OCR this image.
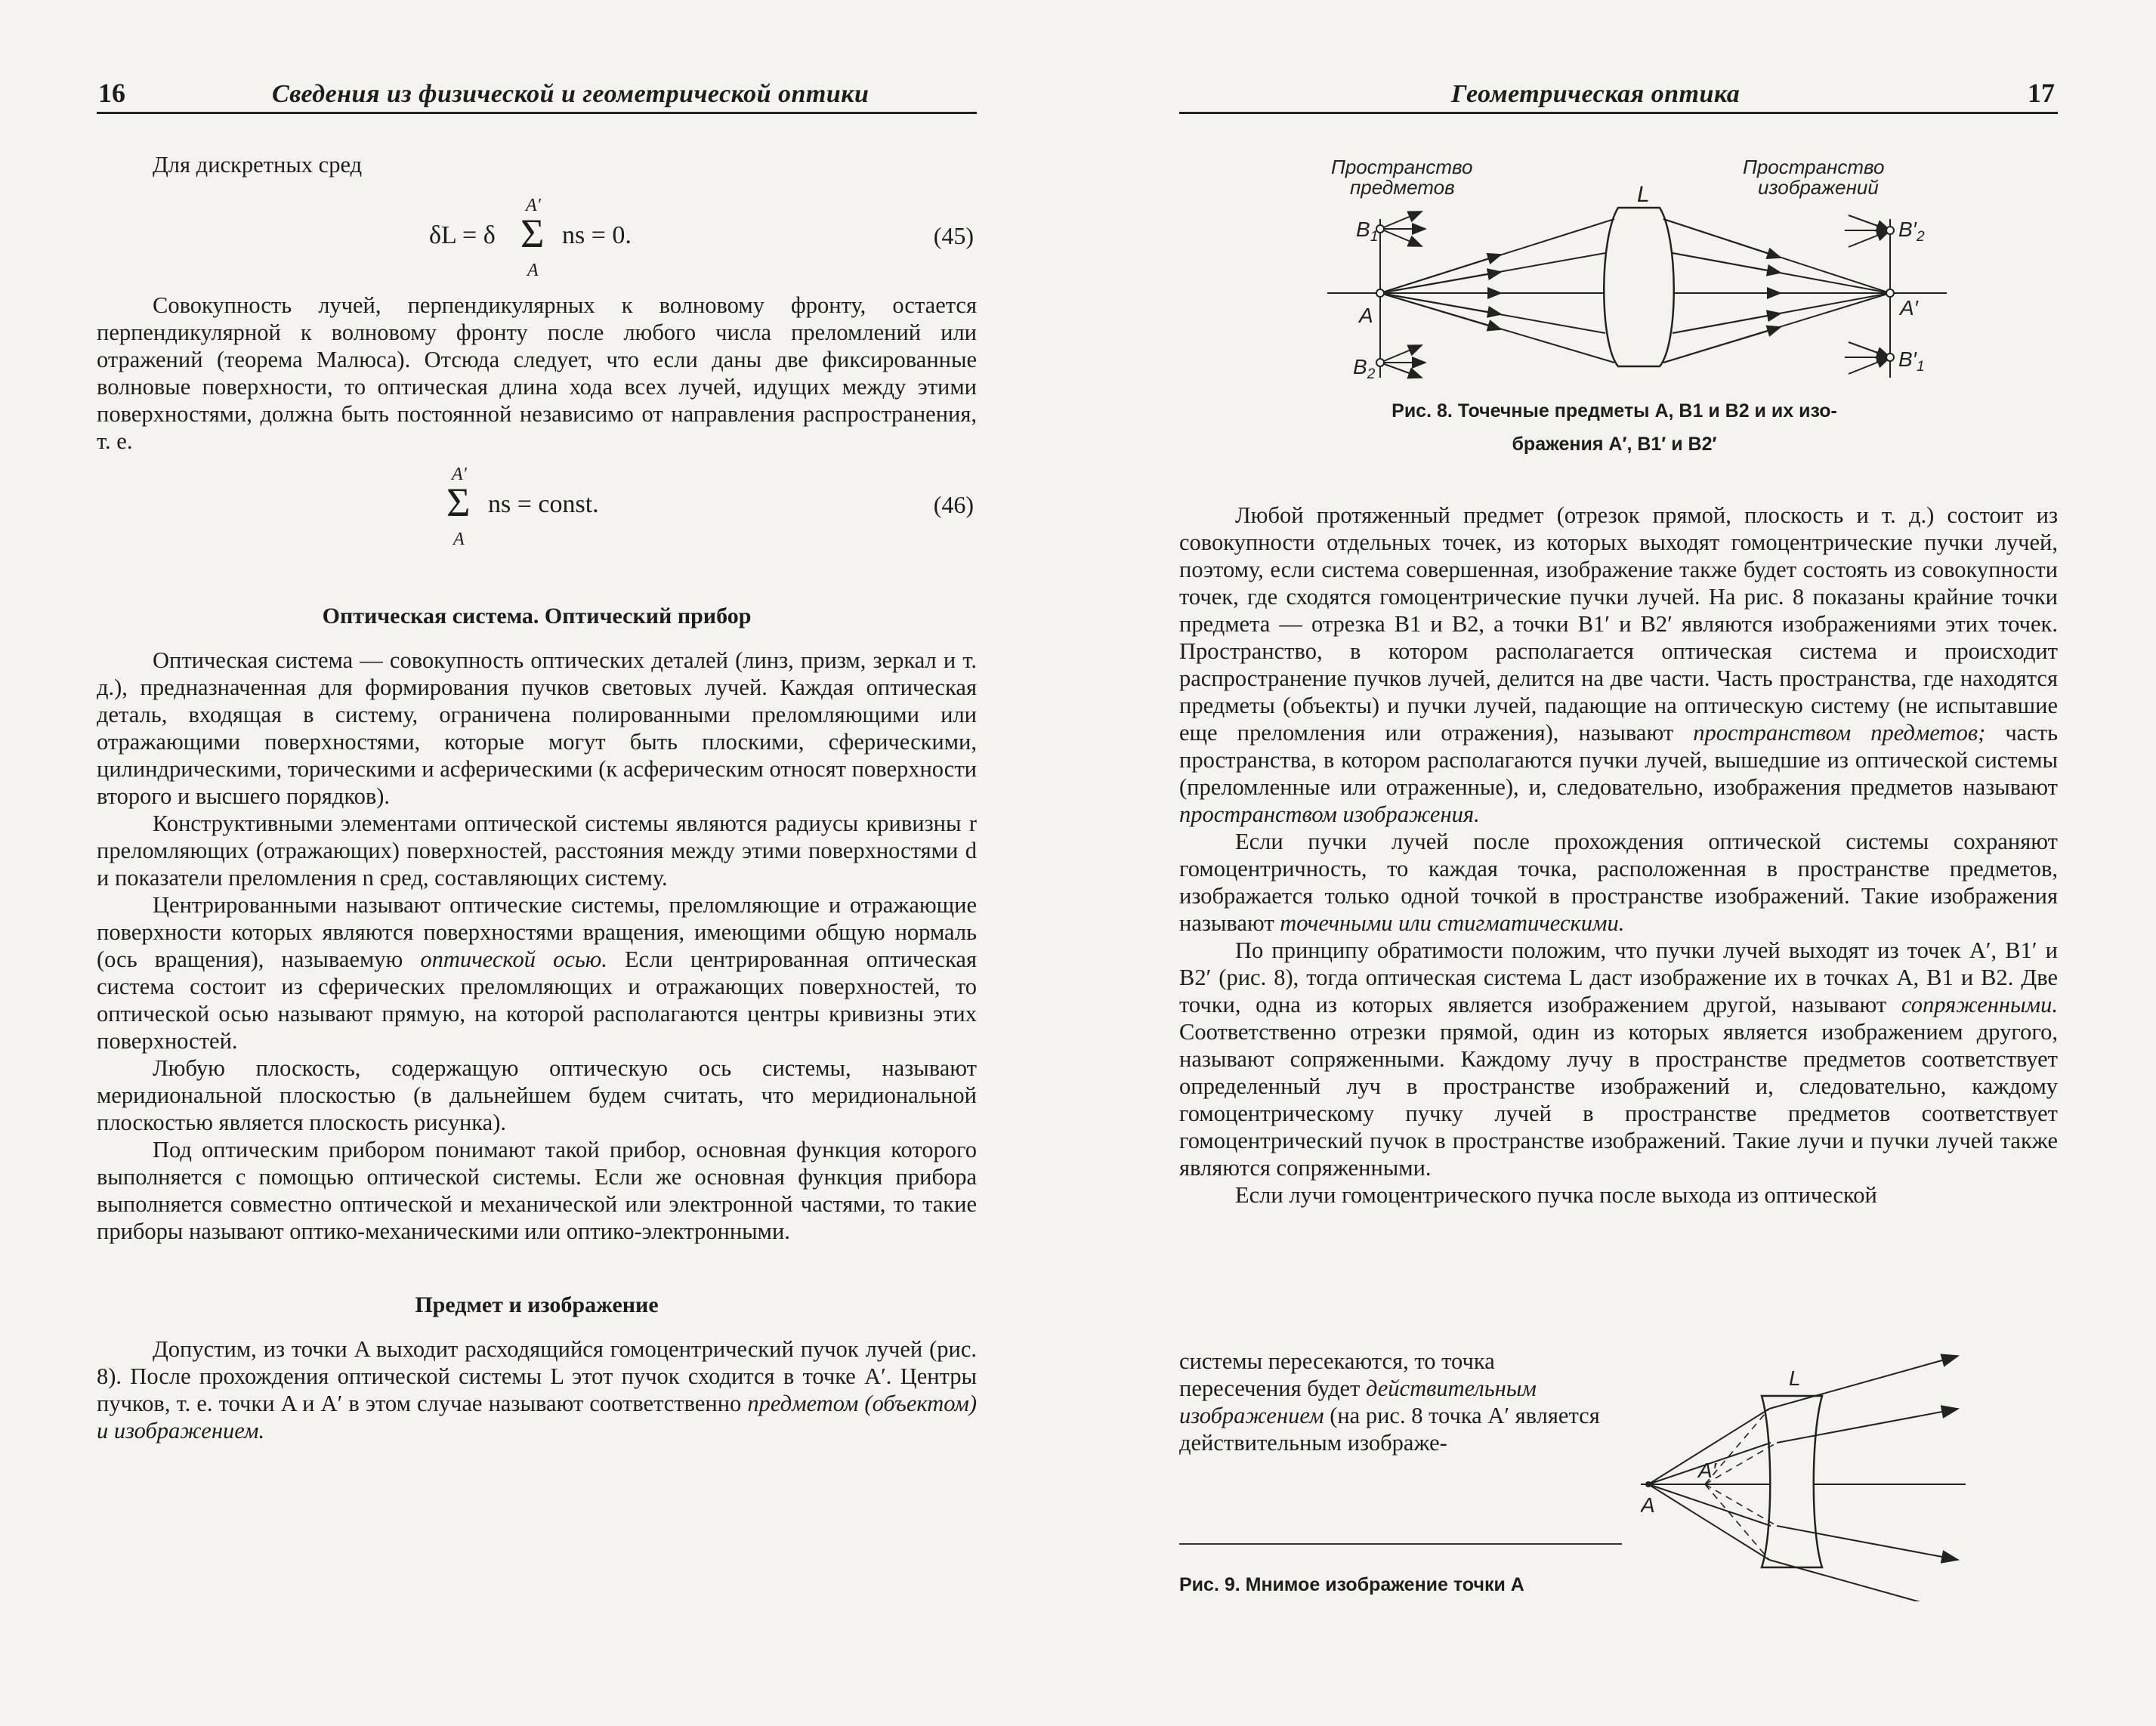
16	Сведения из физической и геометрической оптики

Для дискретных сред

δL = δ
A′
Σ
A
ns = 0.	(45)

Совокупность лучей, перпендикулярных к волновому фронту, остается перпендикулярной к волновому фронту после любого числа преломлений или отражений (теорема Малюса). Отсюда следует, что если даны две фиксированные волновые поверхности, то оптическая длина хода всех лучей, идущих между этими поверхностями, должна быть постоянной независимо от направления распространения, т. е.

A′
Σ
A
ns = const.	(46)

Оптическая система. Оптический прибор

Оптическая система — совокупность оптических деталей (линз, призм, зеркал и т. д.), предназначенная для формирования пучков световых лучей. Каждая оптическая деталь, входящая в систему, ограничена полированными преломляющими или отражающими поверхностями, которые могут быть плоскими, сферическими, цилиндрическими, торическими и асферическими (к асферическим относят поверхности второго и высшего порядков).

Конструктивными элементами оптической системы являются радиусы кривизны r преломляющих (отражающих) поверхностей, расстояния между этими поверхностями d и показатели преломления n сред, составляющих систему.

Центрированными называют оптические системы, преломляющие и отражающие поверхности которых являются поверхностями вращения, имеющими общую нормаль (ось вращения), называемую оптической осью. Если центрированная оптическая система состоит из сферических преломляющих и отражающих поверхностей, то оптической осью называют прямую, на которой располагаются центры кривизны этих поверхностей.

Любую плоскость, содержащую оптическую ось системы, называют меридиональной плоскостью (в дальнейшем будем считать, что меридиональной плоскостью является плоскость рисунка).

Под оптическим прибором понимают такой прибор, основная функция которого выполняется с помощью оптической системы. Если же основная функция прибора выполняется совместно оптической и механической или электронной частями, то такие приборы называют оптико-механическими или оптико-электронными.

Предмет и изображение

Допустим, из точки A выходит расходящийся гомоцентрический пучок лучей (рис. 8). После прохождения оптической системы L этот пучок сходится в точке A′. Центры пучков, т. е. точки A и A′ в этом случае называют соответственно предметом (объектом) и изображением.

Геометрическая оптика	17
Пространство
предметов
Пространство
изображений
L
$B_1$
A
$B_2$
$B'_2$
A′
$B'_1$
Рис. 8. Точечные предметы A, B1 и B2 и их изо-
бражения A′, B1′ и B2′

Любой протяженный предмет (отрезок прямой, плоскость и т. д.) состоит из совокупности отдельных точек, из которых выходят гомоцентрические пучки лучей, поэтому, если система совершенная, изображение также будет состоять из совокупности точек, где сходятся гомоцентрические пучки лучей. На рис. 8 показаны крайние точки предмета — отрезка B1 и B2, а точки B1′ и B2′ являются изображениями этих точек. Пространство, в котором располагается оптическая система и происходит распространение пучков лучей, делится на две части. Часть пространства, где находятся предметы (объекты) и пучки лучей, падающие на оптическую систему (не испытавшие еще преломления или отражения), называют пространством предметов; часть пространства, в котором располагаются пучки лучей, вышедшие из оптической системы (преломленные или отраженные), и, следовательно, изображения предметов называют пространством изображения.

Если пучки лучей после прохождения оптической системы сохраняют гомоцентричность, то каждая точка, расположенная в пространстве предметов, изображается только одной точкой в пространстве изображений. Такие изображения называют точечными или стигматическими.

По принципу обратимости положим, что пучки лучей выходят из точек A′, B1′ и B2′ (рис. 8), тогда оптическая система L даст изображение их в точках A, B1 и B2. Две точки, одна из которых является изображением другой, называют сопряженными. Соответственно отрезки прямой, один из которых является изображением другого, называют сопряженными. Каждому лучу в пространстве предметов соответствует определенный луч в пространстве изображений и, следовательно, каждому гомоцентрическому пучку лучей в пространстве предметов соответствует гомоцентрический пучок в пространстве изображений. Такие лучи и пучки лучей также являются сопряженными.

Если лучи гомоцентрического пучка после выхода из оптической

системы пересекаются, то точка пересечения будет действительным изображением (на рис. 8 точка A′ является действительным изображе-

L
A
A′
Рис. 9. Мнимое изображение точки A
